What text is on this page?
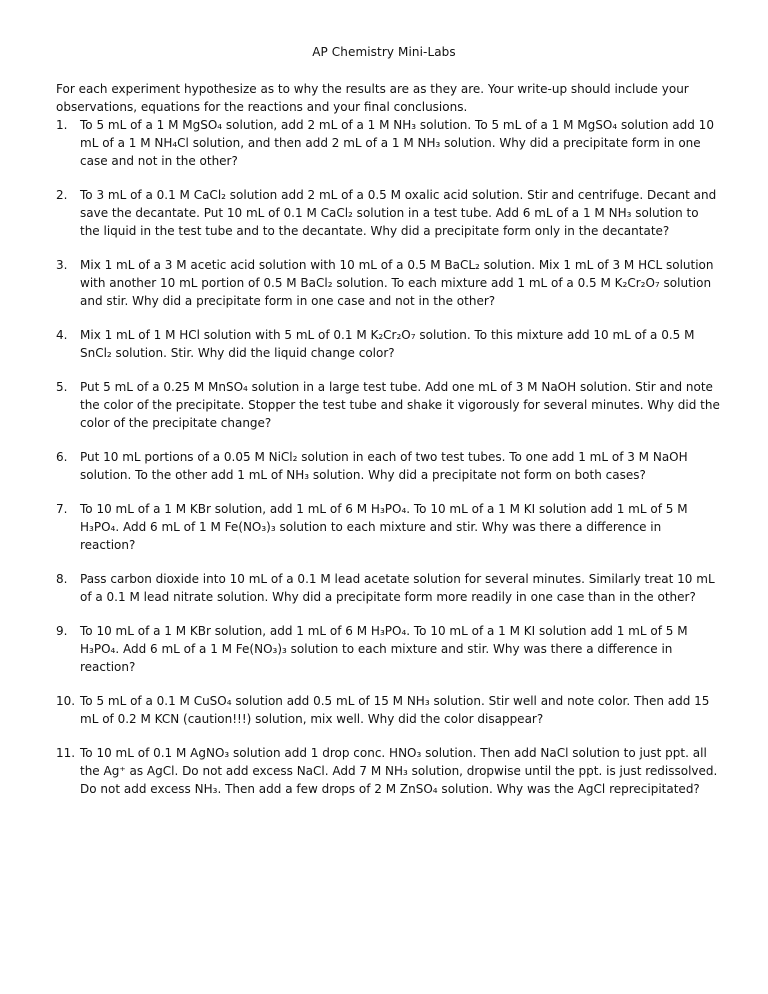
AP Chemistry Mini-Labs
For each experiment hypothesize as to why the results are as they are. Your write-up should include your observations, equations for the reactions and your final conclusions.
1. To 5 mL of a 1 M MgSO₄ solution, add 2 mL of a 1 M NH₃ solution. To 5 mL of a 1 M MgSO₄ solution add 10 mL of a 1 M NH₄Cl solution, and then add 2 mL of a 1 M NH₃ solution. Why did a precipitate form in one case and not in the other?
2. To 3 mL of a 0.1 M CaCl₂ solution add 2 mL of a 0.5 M oxalic acid solution. Stir and centrifuge. Decant and save the decantate. Put 10 mL of 0.1 M CaCl₂ solution in a test tube. Add 6 mL of a 1 M NH₃ solution to the liquid in the test tube and to the decantate. Why did a precipitate form only in the decantate?
3. Mix 1 mL of a 3 M acetic acid solution with 10 mL of a 0.5 M BaCL₂ solution. Mix 1 mL of 3 M HCL solution with another 10 mL portion of 0.5 M BaCl₂ solution. To each mixture add 1 mL of a 0.5 M K₂Cr₂O₇ solution and stir. Why did a precipitate form in one case and not in the other?
4. Mix 1 mL of 1 M HCl solution with 5 mL of 0.1 M K₂Cr₂O₇ solution. To this mixture add 10 mL of a 0.5 M SnCl₂ solution. Stir. Why did the liquid change color?
5. Put 5 mL of a 0.25 M MnSO₄ solution in a large test tube. Add one mL of 3 M NaOH solution. Stir and note the color of the precipitate. Stopper the test tube and shake it vigorously for several minutes. Why did the color of the precipitate change?
6. Put 10 mL portions of a 0.05 M NiCl₂ solution in each of two test tubes. To one add 1 mL of 3 M NaOH solution. To the other add 1 mL of NH₃ solution. Why did a precipitate not form on both cases?
7. To 10 mL of a 1 M KBr solution, add 1 mL of 6 M H₃PO₄. To 10 mL of a 1 M KI solution add 1 mL of 5 M H₃PO₄. Add 6 mL of 1 M Fe(NO₃)₃ solution to each mixture and stir. Why was there a difference in reaction?
8. Pass carbon dioxide into 10 mL of a 0.1 M lead acetate solution for several minutes. Similarly treat 10 mL of a 0.1 M lead nitrate solution. Why did a precipitate form more readily in one case than in the other?
9. To 10 mL of a 1 M KBr solution, add 1 mL of 6 M H₃PO₄. To 10 mL of a 1 M KI solution add 1 mL of 5 M H₃PO₄. Add 6 mL of a 1 M Fe(NO₃)₃ solution to each mixture and stir. Why was there a difference in reaction?
10. To 5 mL of a 0.1 M CuSO₄ solution add 0.5 mL of 15 M NH₃ solution. Stir well and note color. Then add 15 mL of 0.2 M KCN (caution!!!) solution, mix well. Why did the color disappear?
11. To 10 mL of 0.1 M AgNO₃ solution add 1 drop conc. HNO₃ solution. Then add NaCl solution to just ppt. all the Ag⁺ as AgCl. Do not add excess NaCl. Add 7 M NH₃ solution, dropwise until the ppt. is just redissolved. Do not add excess NH₃. Then add a few drops of 2 M ZnSO₄ solution. Why was the AgCl reprecipitated?
